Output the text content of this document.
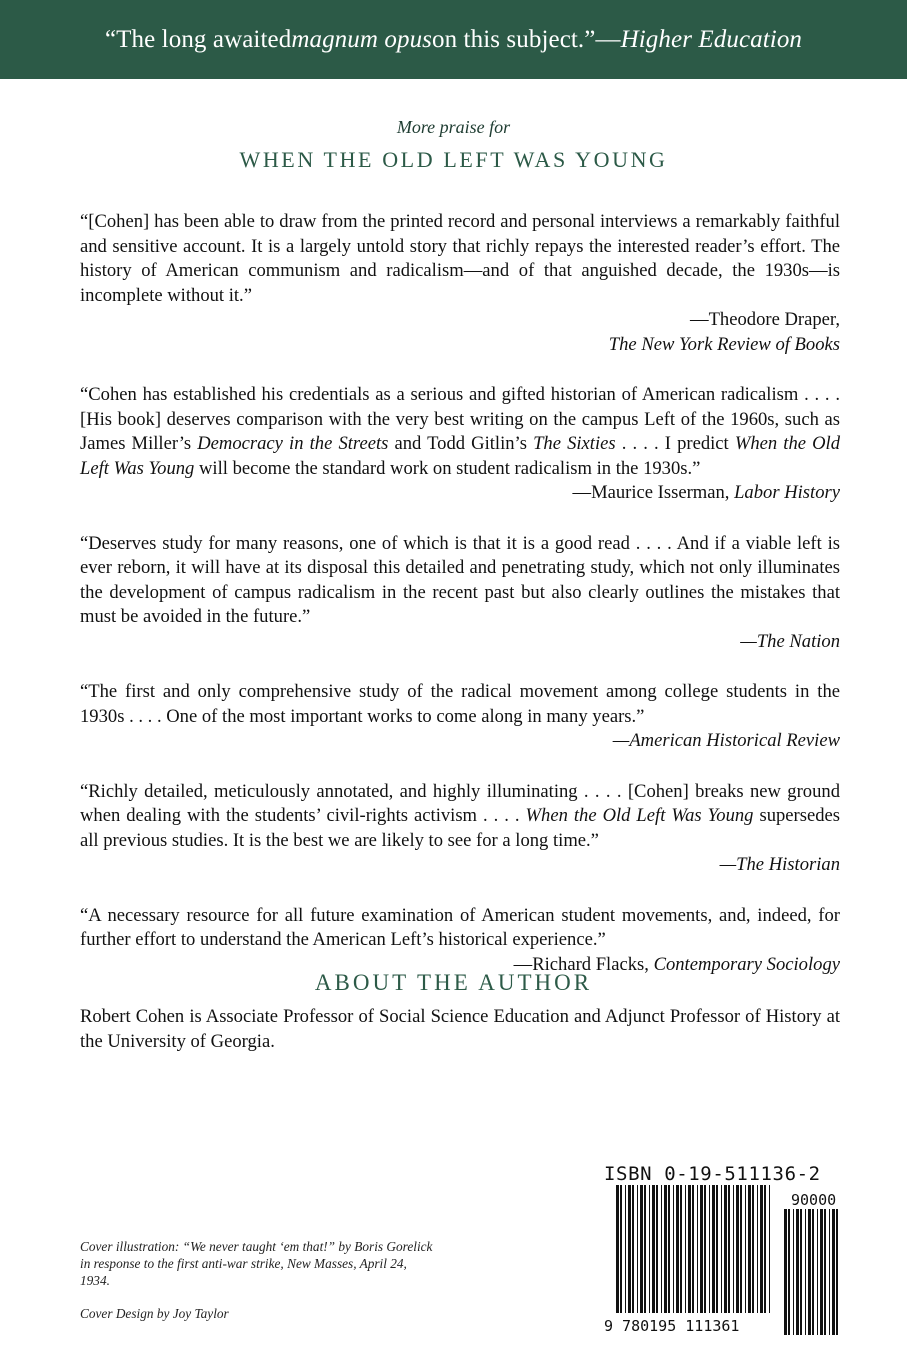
“The long awaited magnum opus on this subject.”— Higher Education
More praise for
WHEN THE OLD LEFT WAS YOUNG

“[Cohen] has been able to draw from the printed record and personal interviews a remarkably faithful and sensitive account. It is a largely untold story that richly repays the interested reader’s effort. The history of American communism and radicalism—and of that anguished decade, the 1930s—is incomplete without it.”

—Theodore Draper,
The New York Review of Books

“Cohen has established his credentials as a serious and gifted historian of American radicalism . . . . [His book] deserves comparison with the very best writing on the campus Left of the 1960s, such as James Miller’s Democracy in the Streets and Todd Gitlin’s The Sixties . . . . I predict When the Old Left Was Young will become the standard work on student radicalism in the 1930s.”

—Maurice Isserman, Labor History

“Deserves study for many reasons, one of which is that it is a good read . . . . And if a viable left is ever reborn, it will have at its disposal this detailed and penetrating study, which not only illuminates the development of campus radicalism in the recent past but also clearly outlines the mistakes that must be avoided in the future.”

—The Nation

“The first and only comprehensive study of the radical movement among college students in the 1930s . . . . One of the most important works to come along in many years.”

—American Historical Review

“Richly detailed, meticulously annotated, and highly illuminating . . . . [Cohen] breaks new ground when dealing with the students’ civil-rights activism . . . . When the Old Left Was Young supersedes all previous studies. It is the best we are likely to see for a long time.”

—The Historian

“A necessary resource for all future examination of American student movements, and, indeed, for further effort to understand the American Left’s historical experience.”

—Richard Flacks, Contemporary Sociology
ABOUT THE AUTHOR
Robert Cohen is Associate Professor of Social Science Education and Adjunct Professor of History at the University of Georgia.

Cover illustration: “We never taught ‘em that!” by Boris Gorelick in response to the first anti-war strike, New Masses, April 24, 1934.

Cover Design by Joy Taylor
ISBN 0-19-511136-2
9 780195 111361
90000
